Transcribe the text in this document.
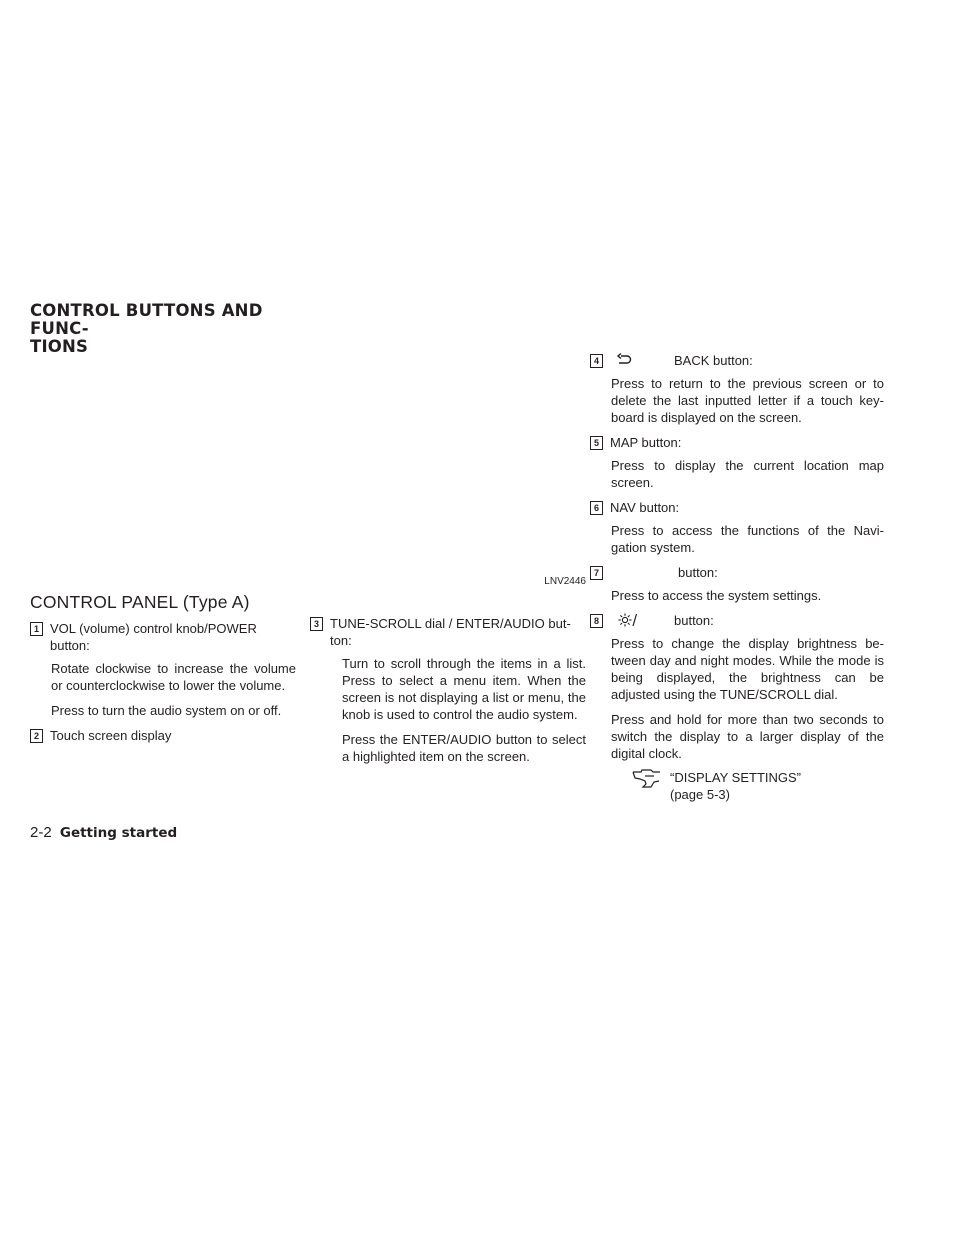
CONTROL BUTTONS AND FUNC-
TIONS
LNV2446
CONTROL PANEL (Type A)
1 VOL (volume) control knob/POWER button:

Rotate clockwise to increase the volume or counterclockwise to lower the volume.

Press to turn the audio system on or off.

2 Touch screen display

3 TUNE-SCROLL dial / ENTER/AUDIO but-ton:

Turn to scroll through the items in a list. Press to select a menu item. When the screen is not displaying a list or menu, the knob is used to control the audio system.

Press the ENTER/AUDIO button to select a highlighted item on the screen.

4	BACK button:

Press to return to the previous screen or to delete the last inputted letter if a touch key-board is displayed on the screen.

5 MAP button:

Press to display the current location map screen.

6 NAV button:

Press to access the functions of the Navi-gation system.

7	button:

Press to access the system settings.

8	button:

Press to change the display brightness be-tween day and night modes. While the mode is being displayed, the brightness can be adjusted using the TUNE/SCROLL dial.

Press and hold for more than two seconds to switch the display to a larger display of the digital clock.

“DISPLAY SETTINGS”
(page 5-3)
2-2 Getting started
